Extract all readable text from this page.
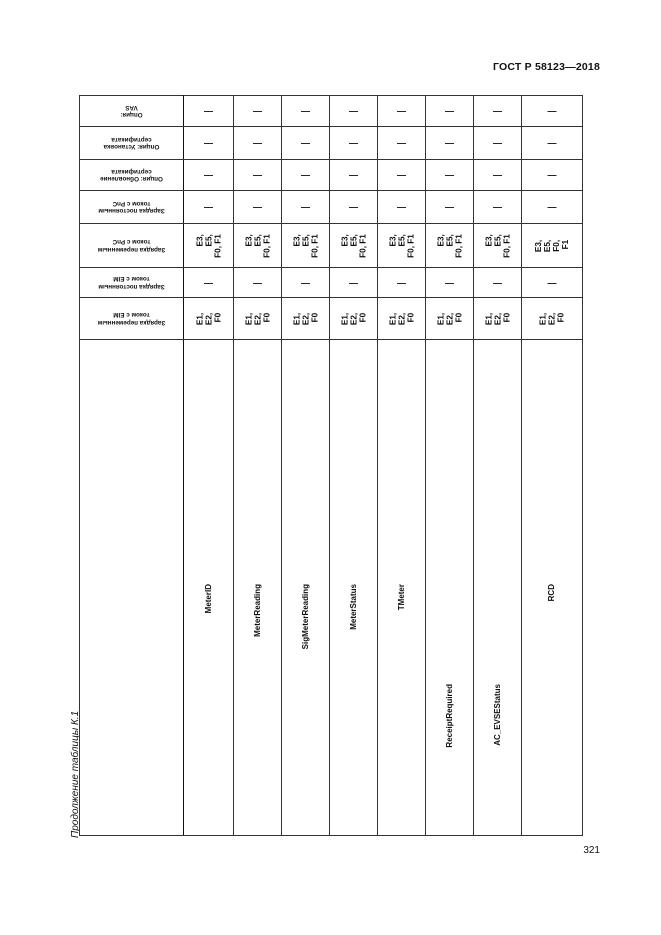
ГОСТ Р 58123—2018
Продолжение таблицы К.1
Опция:
VAS	—	—	—	—	—	—	—	—

Опция: Установка
сертификата	—	—	—	—	—	—	—	—

Опция: Обновление
сертификата	—	—	—	—	—	—	—	—

Зарядка постоянным
током с PnC	—	—	—	—	—	—	—	—

Зарядка переменным
током с PnC	E3,
E5,
F0, F1	E3,
E5,
F0, F1	E3,
E5,
F0, F1	E3,
E5,
F0, F1	E3,
E5,
F0, F1	E3,
E5,
F0, F1	E3,
E5,
F0, F1	E3,
E5,
F0,
F1

Зарядка постоянным
током с EIM	—	—	—	—	—	—	—	—

Зарядка переменным
током с EIM	E1,
E2,
F0	E1,
E2,
F0	E1,
E2,
F0	E1,
E2,
F0	E1,
E2,
F0	E1,
E2,
F0	E1,
E2,
F0	E1,
E2,
F0

	MeterID	MeterReading	SigMeterReading	MeterStatus	TMeter	ReceiptRequired	AC_EVSEStatus	RCD
321
